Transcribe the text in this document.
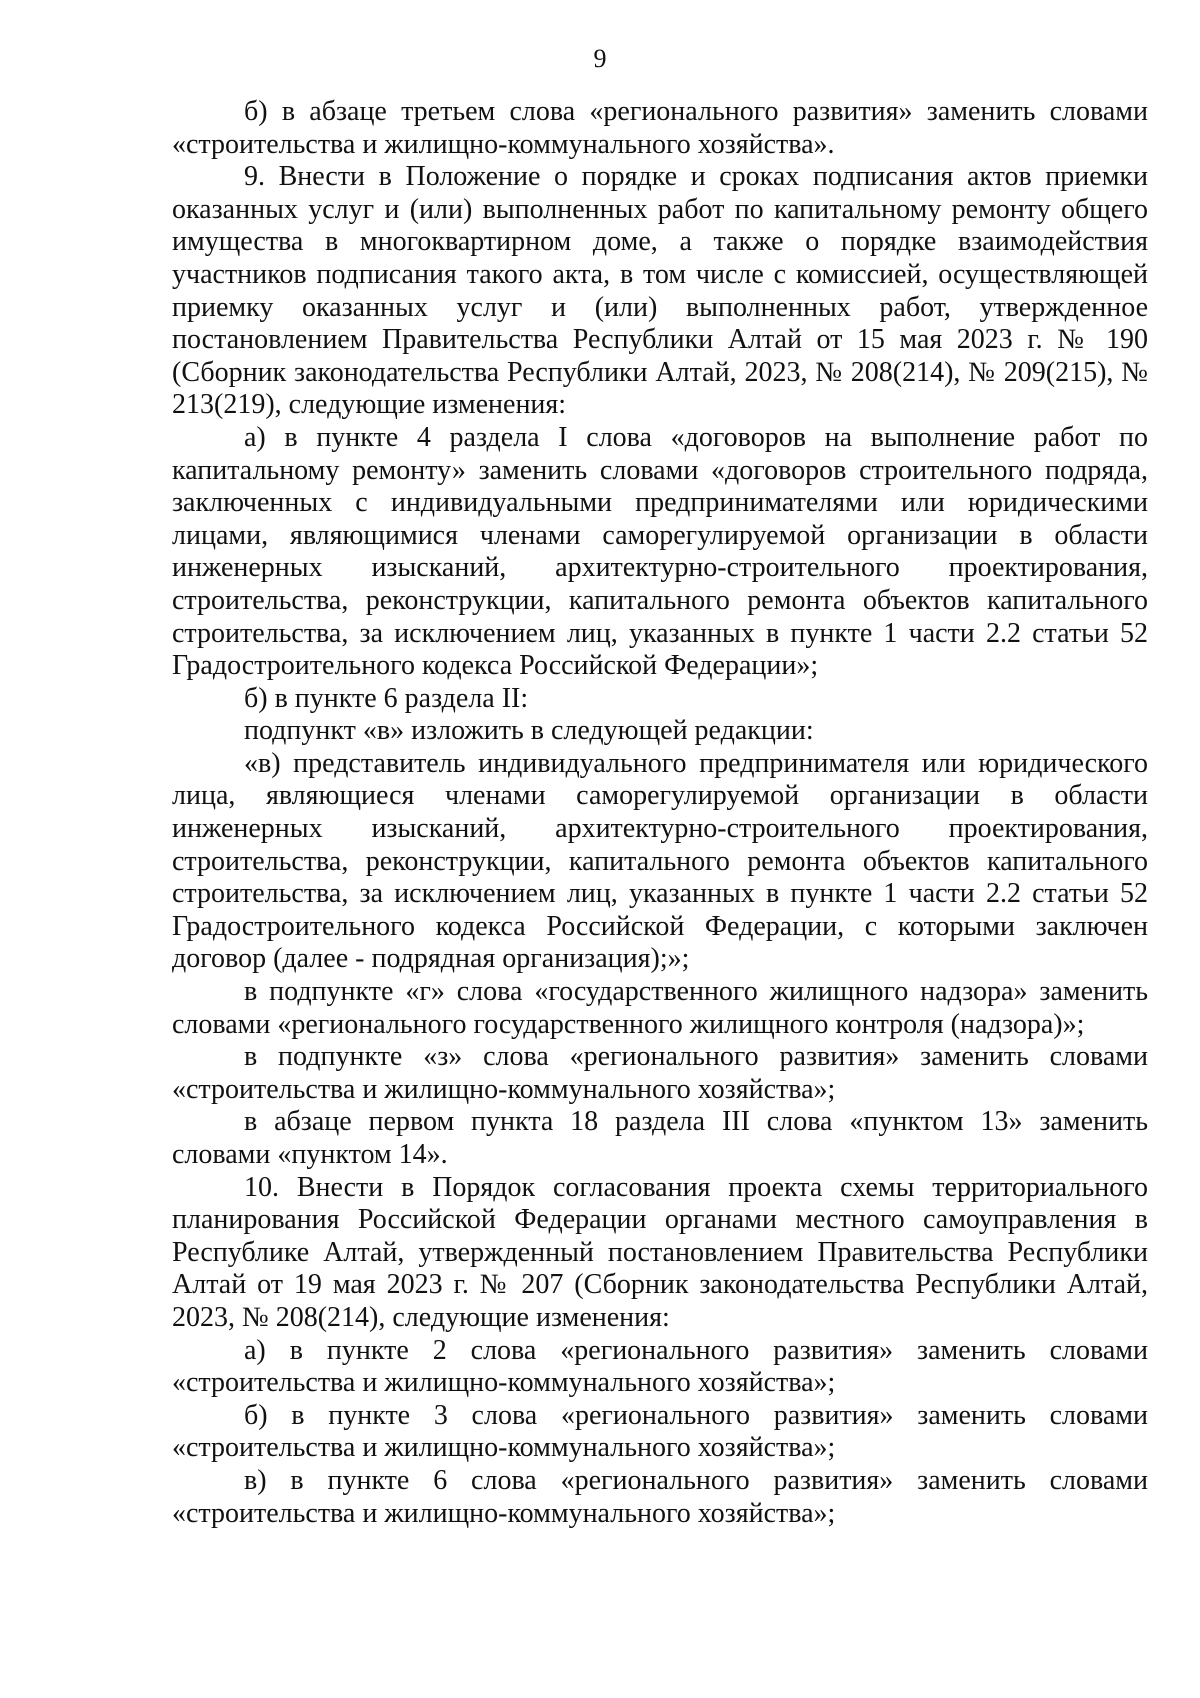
9

б) в абзаце третьем слова «регионального развития» заменить словами «строительства и жилищно-коммунального хозяйства».

9. Внести в Положение о порядке и сроках подписания актов приемки оказанных услуг и (или) выполненных работ по капитальному ремонту общего имущества в многоквартирном доме, а также о порядке взаимодействия участников подписания такого акта, в том числе с комиссией, осуществляющей приемку оказанных услуг и (или) выполненных работ, утвержденное постановлением Правительства Республики Алтай от 15 мая 2023 г. № 190 (Сборник законодательства Республики Алтай, 2023, № 208(214), № 209(215), № 213(219), следующие изменения:

а) в пункте 4 раздела I слова «договоров на выполнение работ по капитальному ремонту» заменить словами «договоров строительного подряда, заключенных с индивидуальными предпринимателями или юридическими лицами, являющимися членами саморегулируемой организации в области инженерных изысканий, архитектурно-строительного проектирования, строительства, реконструкции, капитального ремонта объектов капитального строительства, за исключением лиц, указанных в пункте 1 части 2.2 статьи 52 Градостроительного кодекса Российской Федерации»;

б) в пункте 6 раздела II:

подпункт «в» изложить в следующей редакции:

«в) представитель индивидуального предпринимателя или юридического лица, являющиеся членами саморегулируемой организации в области инженерных изысканий, архитектурно-строительного проектирования, строительства, реконструкции, капитального ремонта объектов капитального строительства, за исключением лиц, указанных в пункте 1 части 2.2 статьи 52 Градостроительного кодекса Российской Федерации, с которыми заключен договор (далее - подрядная организация);»;

в подпункте «г» слова «государственного жилищного надзора» заменить словами «регионального государственного жилищного контроля (надзора)»;

в подпункте «з» слова «регионального развития» заменить словами «строительства и жилищно-коммунального хозяйства»;

в абзаце первом пункта 18 раздела III слова «пунктом 13» заменить словами «пунктом 14».

10. Внести в Порядок согласования проекта схемы территориального планирования Российской Федерации органами местного самоуправления в Республике Алтай, утвержденный постановлением Правительства Республики Алтай от 19 мая 2023 г. № 207 (Сборник законодательства Республики Алтай, 2023, № 208(214), следующие изменения:

а) в пункте 2 слова «регионального развития» заменить словами «строительства и жилищно-коммунального хозяйства»;

б) в пункте 3 слова «регионального развития» заменить словами «строительства и жилищно-коммунального хозяйства»;

в) в пункте 6 слова «регионального развития» заменить словами «строительства и жилищно-коммунального хозяйства»;
